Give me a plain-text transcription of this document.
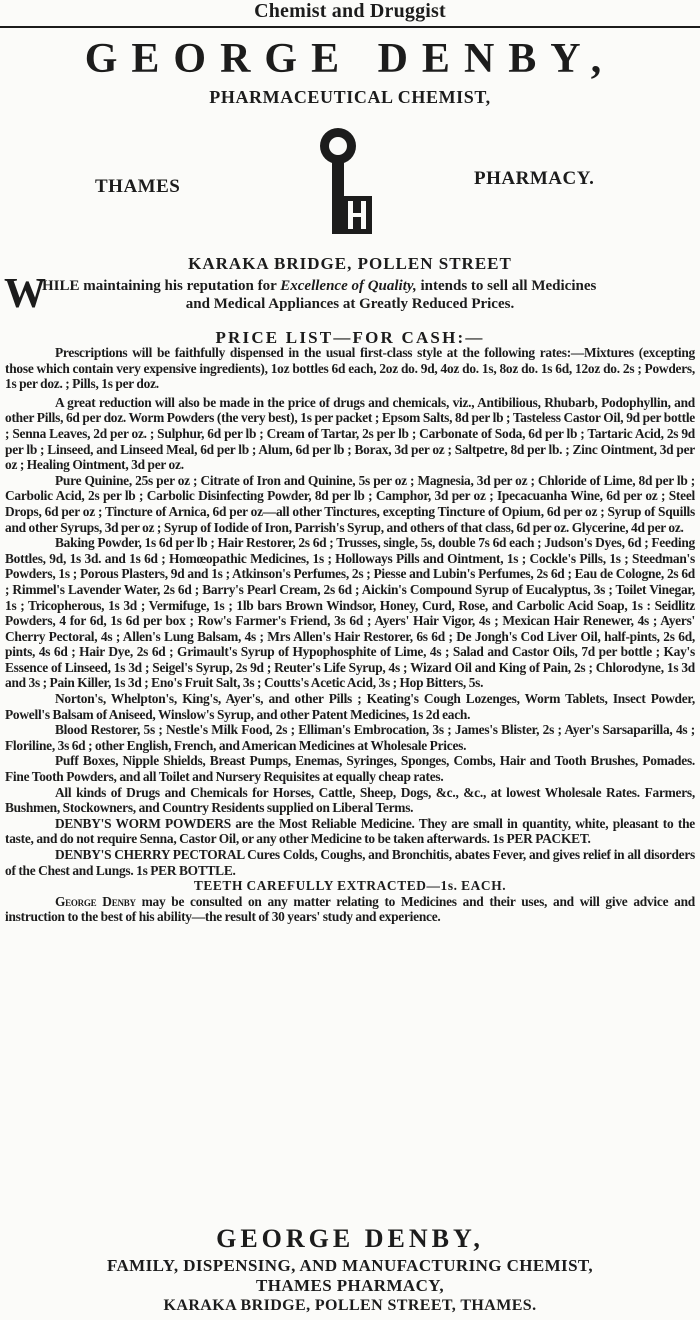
Chemist and Druggist
GEORGE DENBY,
PHARMACEUTICAL CHEMIST,
THAMES	PHARMACY.
KARAKA BRIDGE, POLLEN STREET
W
HILE maintaining his reputation for Excellence of Quality, intends to sell all Medicines
and Medical Appliances at Greatly Reduced Prices.
PRICE LIST—FOR CASH:—

Prescriptions will be faithfully dispensed in the usual first-class style at the following rates:—Mixtures (excepting those which contain very expensive ingredients), 1oz bottles 6d each, 2oz do. 9d, 4oz do. 1s, 8oz do. 1s 6d, 12oz do. 2s ; Powders, 1s per doz. ; Pills, 1s per doz.

A great reduction will also be made in the price of drugs and chemicals, viz., Antibilious, Rhubarb, Podophyllin, and other Pills, 6d per doz. Worm Powders (the very best), 1s per packet ; Epsom Salts, 8d per lb ; Tasteless Castor Oil, 9d per bottle ; Senna Leaves, 2d per oz. ; Sulphur, 6d per lb ; Cream of Tartar, 2s per lb ; Carbonate of Soda, 6d per lb ; Tartaric Acid, 2s 9d per lb ; Linseed, and Linseed Meal, 6d per lb ; Alum, 6d per lb ; Borax, 3d per oz ; Saltpetre, 8d per lb. ; Zinc Ointment, 3d per oz ; Healing Ointment, 3d per oz.

Pure Quinine, 25s per oz ; Citrate of Iron and Quinine, 5s per oz ; Magnesia, 3d per oz ; Chloride of Lime, 8d per lb ; Carbolic Acid, 2s per lb ; Carbolic Disinfecting Powder, 8d per lb ; Camphor, 3d per oz ; Ipecacuanha Wine, 6d per oz ; Steel Drops, 6d per oz ; Tincture of Arnica, 6d per oz—all other Tinctures, excepting Tincture of Opium, 6d per oz ; Syrup of Squills and other Syrups, 3d per oz ; Syrup of Iodide of Iron, Parrish's Syrup, and others of that class, 6d per oz. Glycerine, 4d per oz.

Baking Powder, 1s 6d per lb ; Hair Restorer, 2s 6d ; Trusses, single, 5s, double 7s 6d each ; Judson's Dyes, 6d ; Feeding Bottles, 9d, 1s 3d. and 1s 6d ; Homœopathic Medicines, 1s ; Holloways Pills and Ointment, 1s ; Cockle's Pills, 1s ; Steedman's Powders, 1s ; Porous Plasters, 9d and 1s ; Atkinson's Perfumes, 2s ; Piesse and Lubin's Perfumes, 2s 6d ; Eau de Cologne, 2s 6d ; Rimmel's Lavender Water, 2s 6d ; Barry's Pearl Cream, 2s 6d ; Aickin's Compound Syrup of Eucalyptus, 3s ; Toilet Vinegar, 1s ; Tricopherous, 1s 3d ; Vermifuge, 1s ; 1lb bars Brown Windsor, Honey, Curd, Rose, and Carbolic Acid Soap, 1s : Seidlitz Powders, 4 for 6d, 1s 6d per box ; Row's Farmer's Friend, 3s 6d ; Ayers' Hair Vigor, 4s ; Mexican Hair Renewer, 4s ; Ayers' Cherry Pectoral, 4s ; Allen's Lung Balsam, 4s ; Mrs Allen's Hair Restorer, 6s 6d ; De Jongh's Cod Liver Oil, half-pints, 2s 6d, pints, 4s 6d ; Hair Dye, 2s 6d ; Grimault's Syrup of Hypophosphite of Lime, 4s ; Salad and Castor Oils, 7d per bottle ; Kay's Essence of Linseed, 1s 3d ; Seigel's Syrup, 2s 9d ; Reuter's Life Syrup, 4s ; Wizard Oil and King of Pain, 2s ; Chlorodyne, 1s 3d and 3s ; Pain Killer, 1s 3d ; Eno's Fruit Salt, 3s ; Coutts's Acetic Acid, 3s ; Hop Bitters, 5s.

Norton's, Whelpton's, King's, Ayer's, and other Pills ; Keating's Cough Lozenges, Worm Tablets, Insect Powder, Powell's Balsam of Aniseed, Winslow's Syrup, and other Patent Medicines, 1s 2d each.

Blood Restorer, 5s ; Nestle's Milk Food, 2s ; Elliman's Embrocation, 3s ; James's Blister, 2s ; Ayer's Sarsaparilla, 4s ; Floriline, 3s 6d ; other English, French, and American Medicines at Wholesale Prices.

Puff Boxes, Nipple Shields, Breast Pumps, Enemas, Syringes, Sponges, Combs, Hair and Tooth Brushes, Pomades. Fine Tooth Powders, and all Toilet and Nursery Requisites at equally cheap rates.

All kinds of Drugs and Chemicals for Horses, Cattle, Sheep, Dogs, &c., &c., at lowest Wholesale Rates. Farmers, Bushmen, Stockowners, and Country Residents supplied on Liberal Terms.

DENBY'S WORM POWDERS are the Most Reliable Medicine. They are small in quantity, white, pleasant to the taste, and do not require Senna, Castor Oil, or any other Medicine to be taken afterwards. 1s PER PACKET.

DENBY'S CHERRY PECTORAL Cures Colds, Coughs, and Bronchitis, abates Fever, and gives relief in all disorders of the Chest and Lungs. 1s PER BOTTLE.

TEETH CAREFULLY EXTRACTED—1s. EACH.

George Denby may be consulted on any matter relating to Medicines and their uses, and will give advice and instruction to the best of his ability—the result of 30 years' study and experience.

GEORGE DENBY,
FAMILY, DISPENSING, AND MANUFACTURING CHEMIST,
THAMES PHARMACY,
KARAKA BRIDGE, POLLEN STREET, THAMES.
